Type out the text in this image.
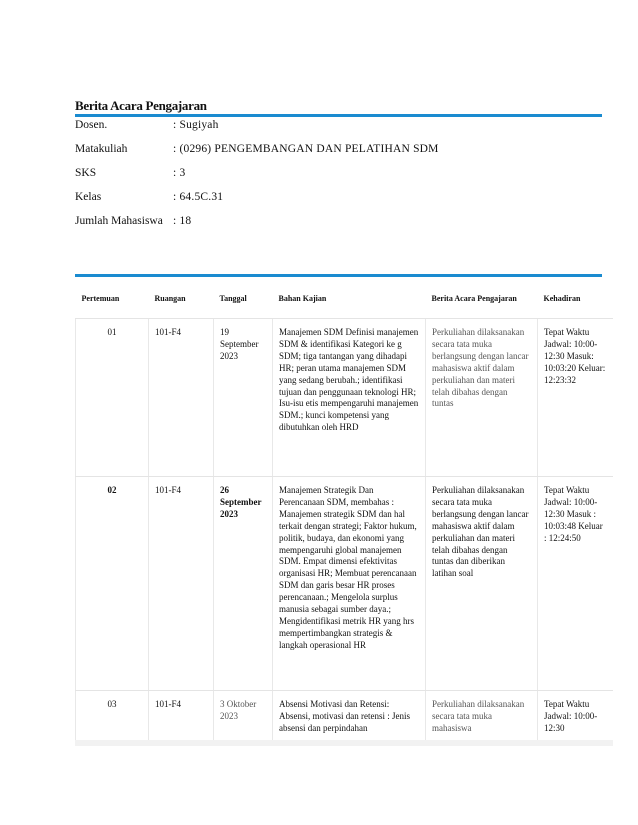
Berita Acara Pengajaran
Dosen.	: Sugiyah
Matakuliah	: (0296) PENGEMBANGAN DAN PELATIHAN SDM
SKS	: 3
Kelas	: 64.5C.31
Jumlah Mahasiswa : 18
Pertemuan	Ruangan	Tanggal	Bahan Kajian	Berita Acara Pengajaran	Kehadiran
01	101-F4	19 September 2023	Manajemen SDM Definisi manajemen SDM & identifikasi Kategori ke g SDM; tiga tantangan yang dihadapi HR; peran utama manajemen SDM yang sedang berubah.; identifikasi tujuan dan penggunaan teknologi HR; Isu-isu etis mempengaruhi manajemen SDM.; kunci kompetensi yang dibutuhkan oleh HRD	Perkuliahan dilaksanakan secara tata muka berlangsung dengan lancar mahasiswa aktif dalam perkuliahan dan materi telah dibahas dengan tuntas	Tepat Waktu Jadwal: 10:00-12:30 Masuk: 10:03:20 Keluar: 12:23:32
02	101-F4	26 September 2023	Manajemen Strategik Dan Perencanaan SDM, membahas : Manajemen strategik SDM dan hal terkait dengan strategi; Faktor hukum, politik, budaya, dan ekonomi yang mempengaruhi global manajemen SDM. Empat dimensi efektivitas organisasi HR; Membuat perencanaan SDM dan garis besar HR proses perencanaan.; Mengelola surplus manusia sebagai sumber daya.; Mengidentifikasi metrik HR yang hrs mempertimbangkan strategis & langkah operasional HR	Perkuliahan dilaksanakan secara tata muka berlangsung dengan lancar mahasiswa aktif dalam perkuliahan dan materi telah dibahas dengan tuntas dan diberikan latihan soal	Tepat Waktu Jadwal: 10:00-12:30 Masuk : 10:03:48 Keluar : 12:24:50
03	101-F4	3 Oktober 2023	Absensi Motivasi dan Retensi: Absensi, motivasi dan retensi : Jenis absensi dan perpindahan	Perkuliahan dilaksanakan secara tata muka mahasiswa	Tepat Waktu Jadwal: 10:00-12:30
